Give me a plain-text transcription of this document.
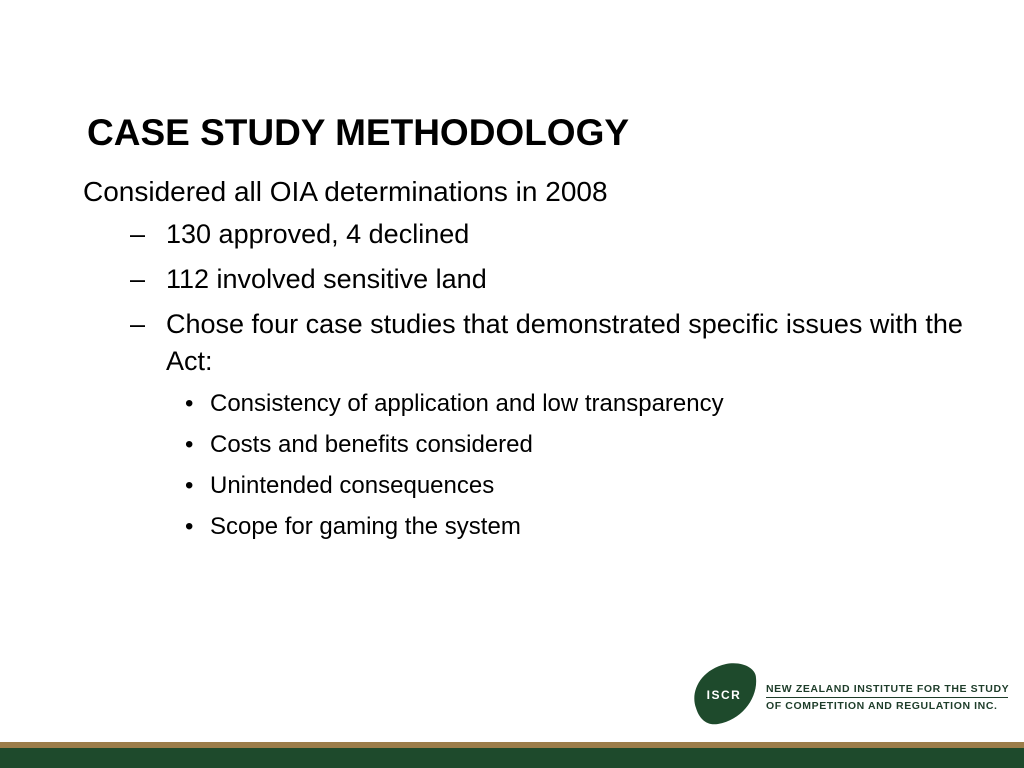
CASE STUDY METHODOLOGY

Considered all OIA determinations in 2008

– 130 approved, 4 declined
– 112 involved sensitive land
– Chose four case studies that demonstrated specific issues with the Act:
• Consistency of application and low transparency
• Costs and benefits considered
• Unintended consequences
• Scope for gaming the system
ISCR NEW ZEALAND INSTITUTE FOR THE STUDY
OF COMPETITION AND REGULATION INC.
